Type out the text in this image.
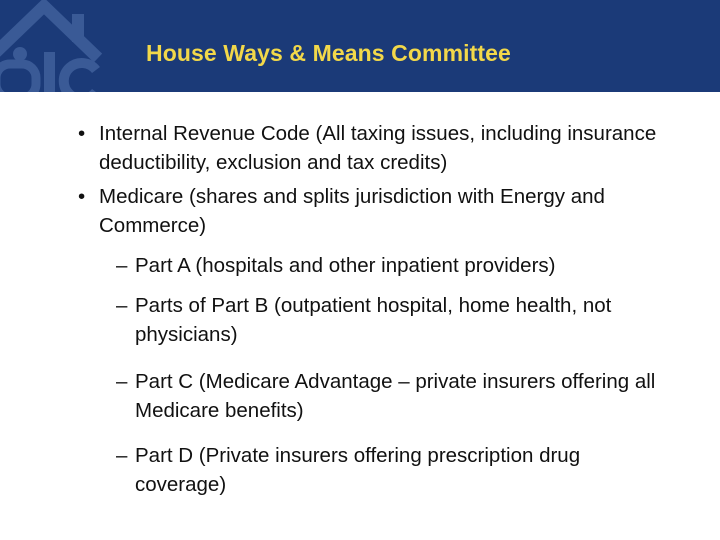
House Ways & Means Committee
• Internal Revenue Code (All taxing issues, including insurance deductibility, exclusion and tax credits)
• Medicare (shares and splits jurisdiction with Energy and Commerce)
– Part A (hospitals and other inpatient providers)
– Parts of Part B (outpatient hospital, home health, not physicians)
– Part C (Medicare Advantage – private insurers offering all Medicare benefits)
– Part D (Private insurers offering prescription drug coverage)
